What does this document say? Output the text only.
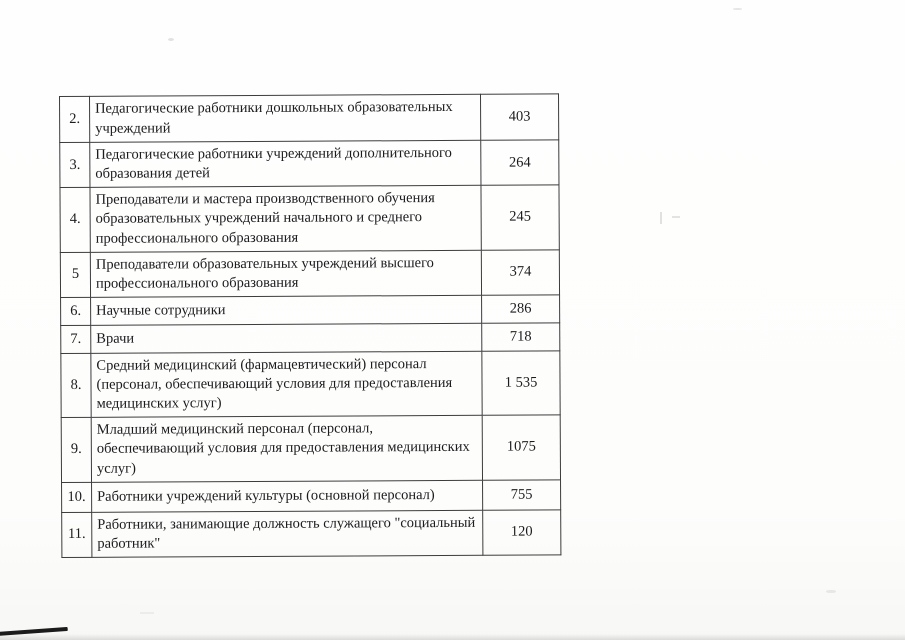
2.	Педагогические работники дошкольных образовательных учреждений	403
3.	Педагогические работники учреждений дополнительного образования детей	264
4.	Преподаватели и мастера производственного обучения образовательных учреждений начального и среднего профессионального образования	245
5	Преподаватели образовательных учреждений высшего профессионального образования	374
6.	Научные сотрудники	286
7.	Врачи	718
8.	Средний медицинский (фармацевтический) персонал (персонал, обеспечивающий условия для предоставления медицинских услуг)	1 535
9.	Младший медицинский персонал (персонал, обеспечивающий условия для предоставления медицинских услуг)	1075
10.	Работники учреждений культуры (основной персонал)	755
11.	Работники, занимающие должность служащего "социальный работник"	120
